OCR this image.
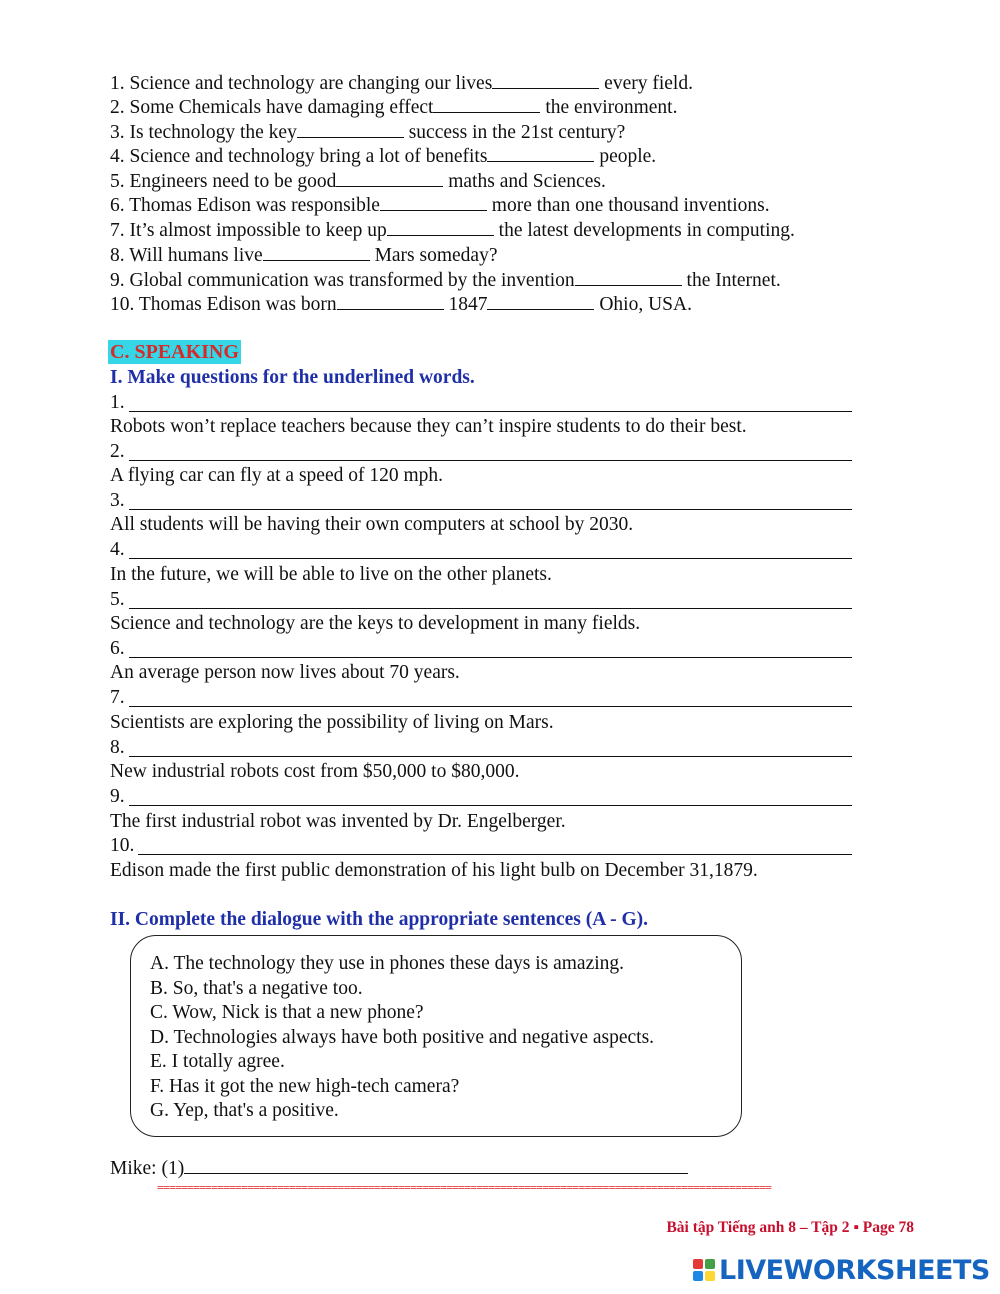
1. Science and technology are changing our lives	every field.
2. Some Chemicals have damaging effect	the environment.
3. Is technology the key	success in the 21st century?
4. Science and technology bring a lot of benefits	people.
5. Engineers need to be good	maths and Sciences.
6. Thomas Edison was responsible	more than one thousand inventions.
7. It’s almost impossible to keep up	the latest developments in computing.
8. Will humans live	Mars someday?
9. Global communication was transformed by the invention	the Internet.
10. Thomas Edison was born	1847	Ohio, USA.
C. SPEAKING
I. Make questions for the underlined words.
1.
Robots won’t replace teachers because they can’t inspire students to do their best.
2.
A flying car can fly at a speed of 120 mph.
3.
All students will be having their own computers at school by 2030.
4.
In the future, we will be able to live on the other planets.
5.
Science and technology are the keys to development in many fields.
6.
An average person now lives about 70 years.
7.
Scientists are exploring the possibility of living on Mars.
8.
New industrial robots cost from $50,000 to $80,000.
9.
The first industrial robot was invented by Dr. Engelberger.
10.
Edison made the first public demonstration of his light bulb on December 31,1879.
II. Complete the dialogue with the appropriate sentences (A - G).
A. The technology they use in phones these days is amazing.
B. So, that's a negative too.
C. Wow, Nick is that a new phone?
D. Technologies always have both positive and negative aspects.
E. I totally agree.
F. Has it got the new high-tech camera?
G. Yep, that's a positive.
Mike: (1)
======================================================================================================
Bài tập Tiếng anh 8 – Tập 2 ▪ Page 78
LIVEWORKSHEETS
